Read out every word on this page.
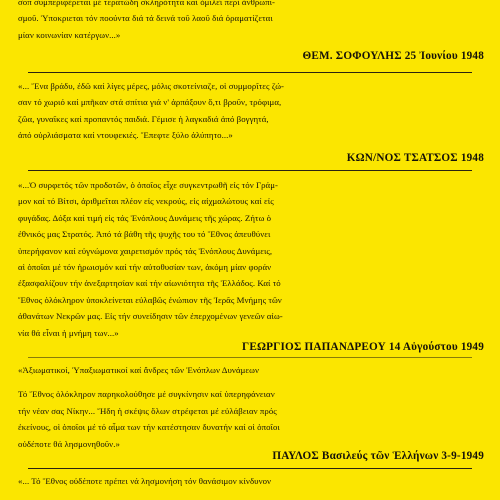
σοπ συμπεριφέρεται μέ τερατώδη σκληρότητα καί ὁμιλεῖ περί ἀνθρωπι-
σμοῦ. Ὑποκριεται τόν ποούντα διά τά δεινά τοῦ λαοῦ διά ὀραματίζεται
μίαν κοινωνίαν κατέργων...»
ΘΕΜ. ΣΟΦΟΥΛΗΣ 25 Ἰουνίου 1948
«... Ἕνα βράδυ, ἐδῶ καί λίγες μέρες, μόλις σκοτείνιαζε, οἱ συμμορῖτες ζώ-
σαν τό χωριό καί μπῆκαν στά σπίτια γιά ν' ἁρπάξουν ὅ,τι βροῦν, τρόφιμα,
ζῶα, γυναῖκες καί προπαντός παιδιά. Γέμισε ἡ λαγκαδιά ἀπό βογγητά,
ἀπό οὐρλιάσματα καί ντουφεκιές. Ἔπεφτε ξύλο ἀλύπητο...»
ΚΩΝ/ΝΟΣ ΤΣΑΤΣΟΣ 1948
«...Ὁ συρφετός τῶν προδοτῶν, ὁ ὁποῖος εἶχε συγκεντρωθῆ εἰς τόν Γράμ-
μον καί τό Βίτσι, ἀριθμεῖται πλέον εἰς νεκρούς, εἰς αἰχμαλώτους καί εἰς
φυγάδας. Δόξα καί τιμή εἰς τάς Ἐνόπλους Δυνάμεις τῆς χώρας. Ζήτω ὁ
ἐθνικός μας Στρατός. Ἀπό τά βάθη τῆς ψυχῆς του τό Ἔθνος ἀπευθύνει
ὑπερήφανον καί εὐγνώμονα χαιρετισμόν πρός τάς Ἐνόπλους Δυνάμεις,
αἱ ὁποῖαι μέ τόν ἡρωισμόν καί τήν αὐτοθυσίαν των, ἀκόμη μίαν φοράν
ἐξασφαλίζουν τήν ἀνεξαρτησίαν καί τήν αἰωνιότητα τῆς Ἑλλάδος. Καί τό
Ἔθνος ὁλόκληρον ὑποκλείνεται εὐλαβῶς ἐνώπιον τῆς Ἱερᾶς Μνήμης τῶν
ἀθανάτων Νεκρῶν μας. Εἰς τήν συνείδησιν τῶν ἐπερχομένων γενεῶν αἰω-
νία θά εἶναι ἡ μνήμη των...»
ΓΕΩΡΓΙΟΣ ΠΑΠΑΝΔΡΕΟΥ 14 Αὐγούστου 1949
«Ἀξιωματικοί, Ὑπαξιωματικοί καί ἄνδρες τῶν Ἐνόπλων Δυνάμεων
Τό Ἔθνος ὁλόκληρον παρηκολούθησε μέ συγκίνησιν καί ὑπερηφάνειαν
τήν νέαν σας Νίκην... Ἤδη ἡ σκέψις ὅλων στρέφεται μέ εὐλάβειαν πρός
ἐκείνους, οἱ ὁποῖοι μέ τό αἷμα των τήν κατέστησαν δυνατήν καί οἱ ὁποῖοι
οὐδέποτε θά λησμονηθοῦν.»
ΠΑΥΛΟΣ Βασιλεύς τῶν Ἑλλήνων 3-9-1949
«... Τό Ἔθνος οὐδέποτε πρέπει νά λησμονήση τόν θανάσιμον κίνδυνον
